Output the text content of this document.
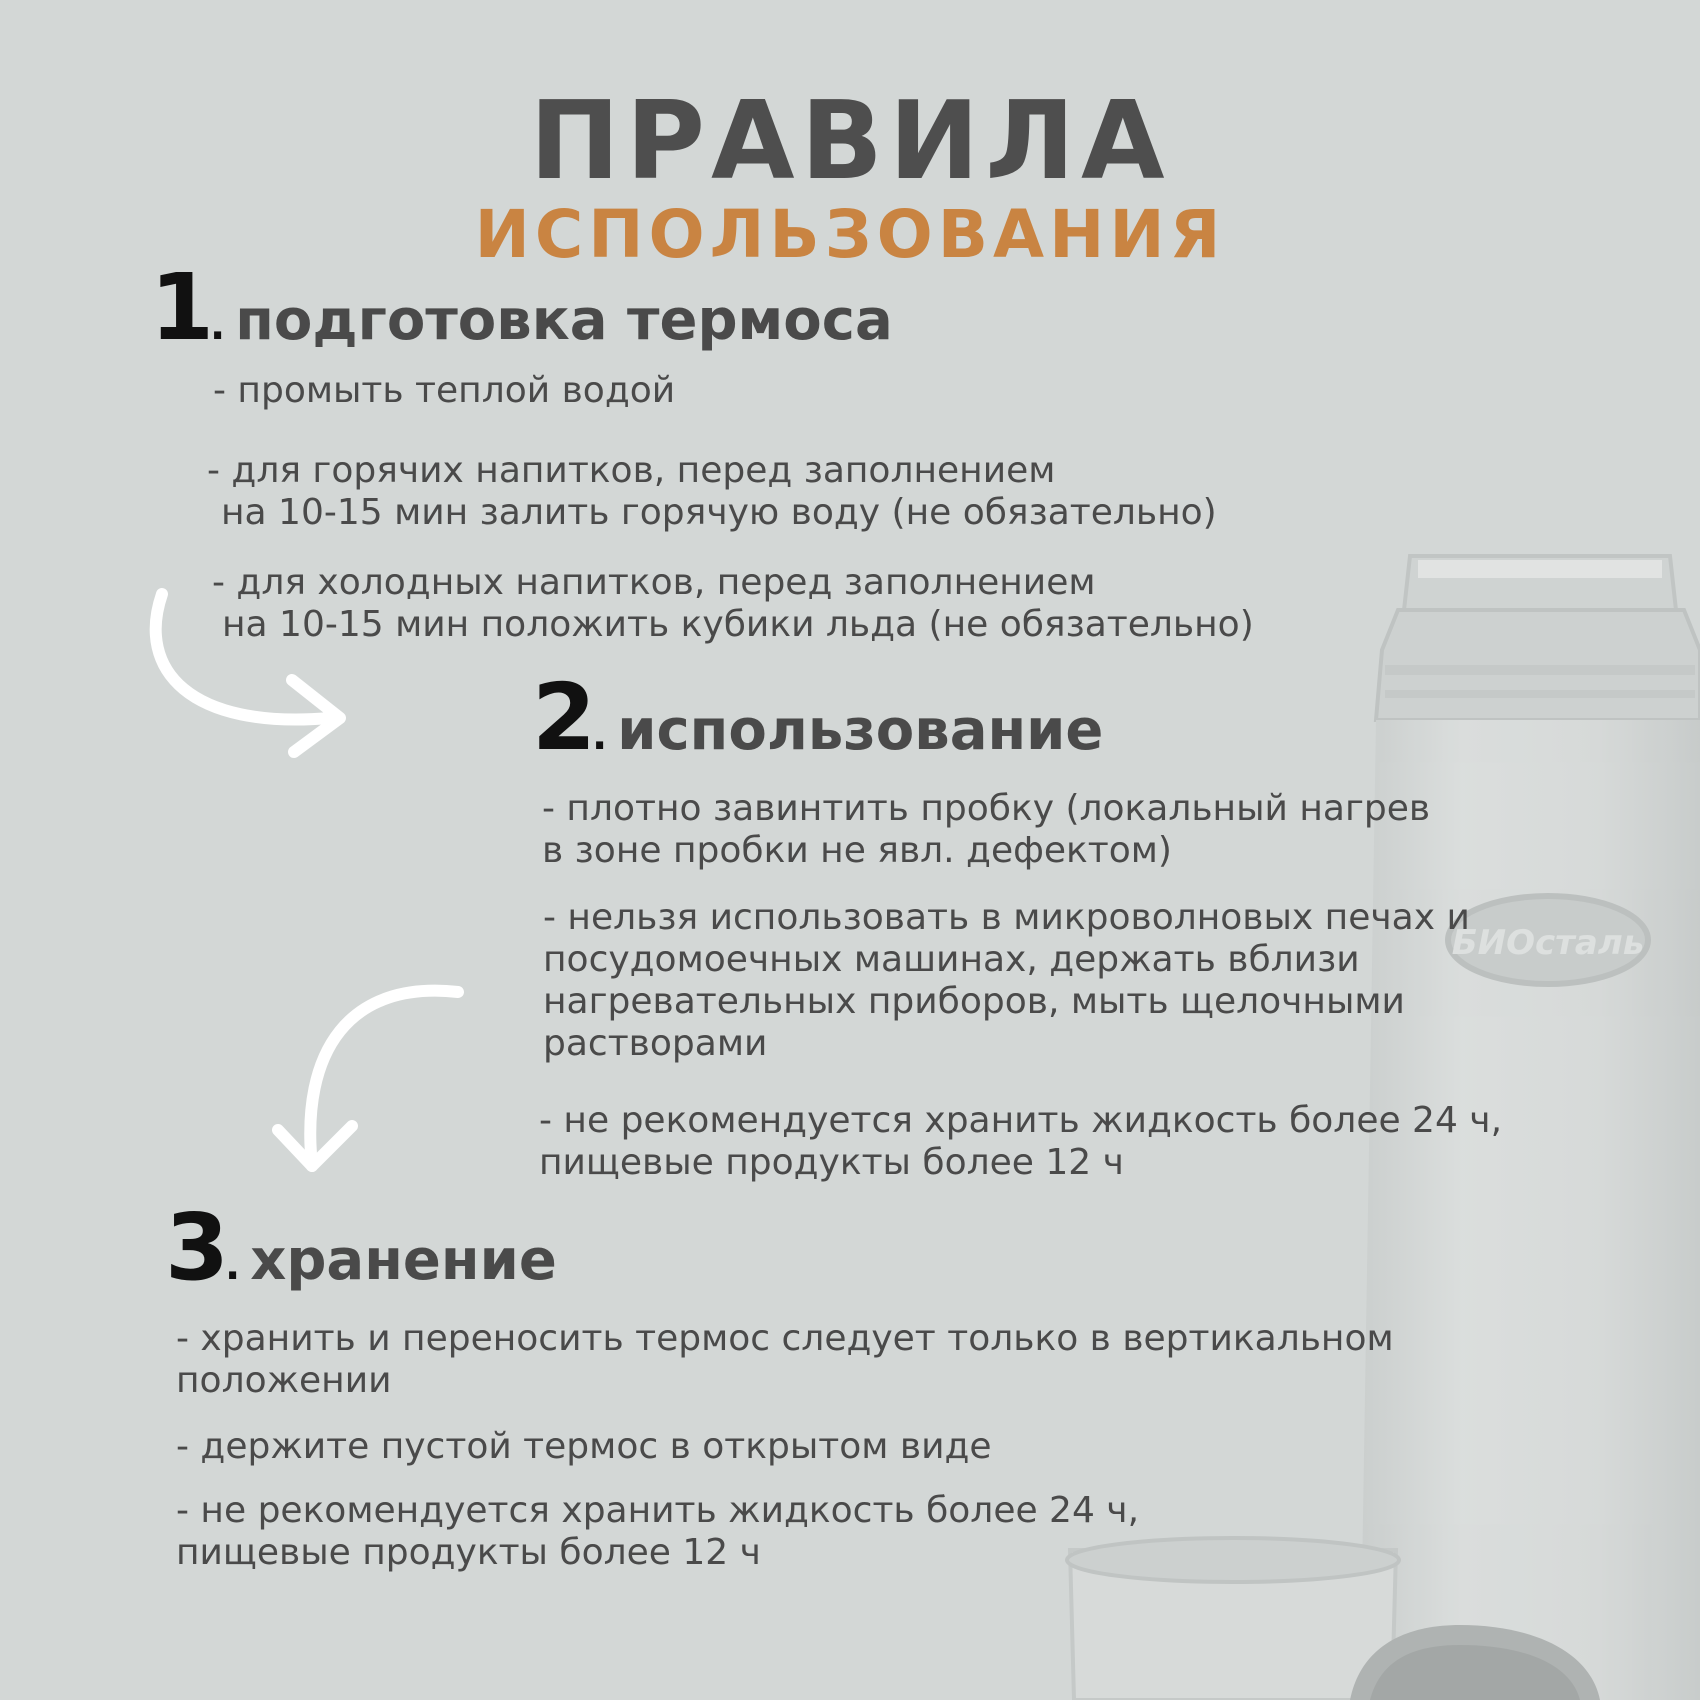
БИОсталь
ПРАВИЛА
ИСПОЛЬЗОВАНИЯ
1. подготовка термоса
- промыть теплой водой
- для горячих напитков, перед заполнением
на 10-15 мин залить горячую воду (не обязательно)
- для холодных напитков, перед заполнением
на 10-15 мин положить кубики льда (не обязательно)
2. использование
- плотно завинтить пробку (локальный нагрев
в зоне пробки не явл. дефектом)
- нельзя использовать в микроволновых печах и
посудомоечных машинах, держать вблизи
нагревательных приборов, мыть щелочными
растворами
- не рекомендуется хранить жидкость более 24 ч,
пищевые продукты более 12 ч
3. хранение
- хранить и переносить термос следует только в вертикальном
положении
- держите пустой термос в открытом виде
- не рекомендуется хранить жидкость более 24 ч,
пищевые продукты более 12 ч
